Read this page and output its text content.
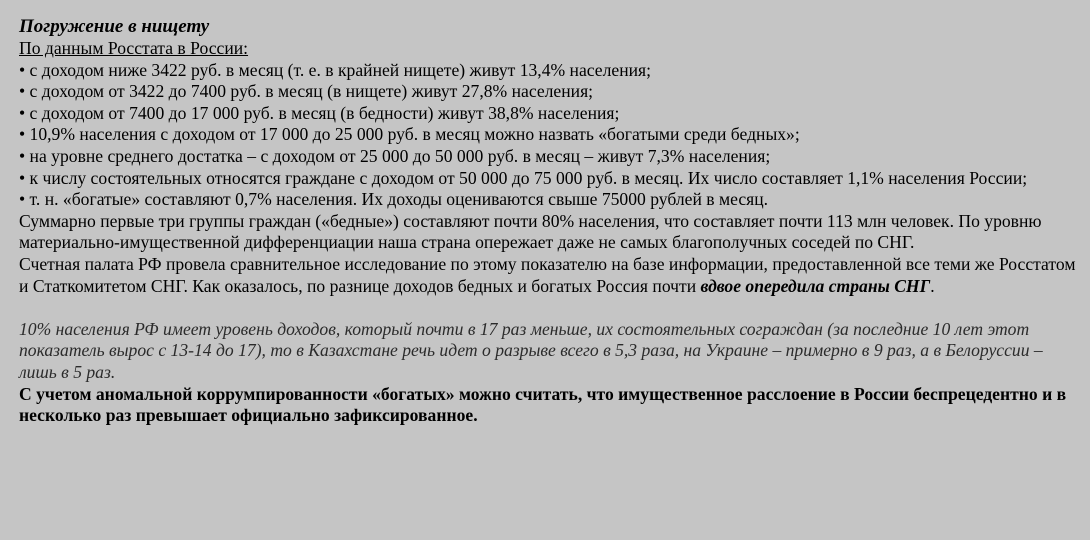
Погружение в нищету

По данным Росстата в России:

• с доходом ниже 3422 руб. в месяц (т. е. в крайней нищете) живут 13,4% населения;

• с доходом от 3422 до 7400 руб. в месяц (в нищете) живут 27,8% населения;

• с доходом от 7400 до 17 000 руб. в месяц (в бедности) живут 38,8% населения;

• 10,9% населения с доходом от 17 000 до 25 000 руб. в месяц можно назвать «богатыми среди бедных»;

• на уровне среднего достатка – с доходом от 25 000 до 50 000 руб. в месяц – живут 7,3% населения;

• к числу состоятельных относятся граждане с доходом от 50 000 до 75 000 руб. в месяц. Их число составляет 1,1% населения России;

• т. н. «богатые» составляют 0,7% населения. Их доходы оцениваются свыше 75000 рублей в месяц.

Суммарно первые три группы граждан («бедные») составляют почти 80% населения, что составляет почти 113 млн человек. По уровню материально-имущественной дифференциации наша страна опережает даже не самых благополучных соседей по СНГ.

Счетная палата РФ провела сравнительное исследование по этому показателю на базе информации, предоставленной все теми же Росстатом и Статкомитетом СНГ. Как оказалось, по разнице доходов бедных и богатых Россия почти вдвое опередила страны СНГ.

10% населения РФ имеет уровень доходов, который почти в 17 раз меньше, их состоятельных сограждан (за последние 10 лет этот показатель вырос с 13-14 до 17), то в Казахстане речь идет о разрыве всего в 5,3 раза, на Украине – примерно в 9 раз, а в Белоруссии – лишь в 5 раз.

С учетом аномальной коррумпированности «богатых» можно считать, что имущественное расслоение в России беспрецедентно и в несколько раз превышает официально зафиксированное.
